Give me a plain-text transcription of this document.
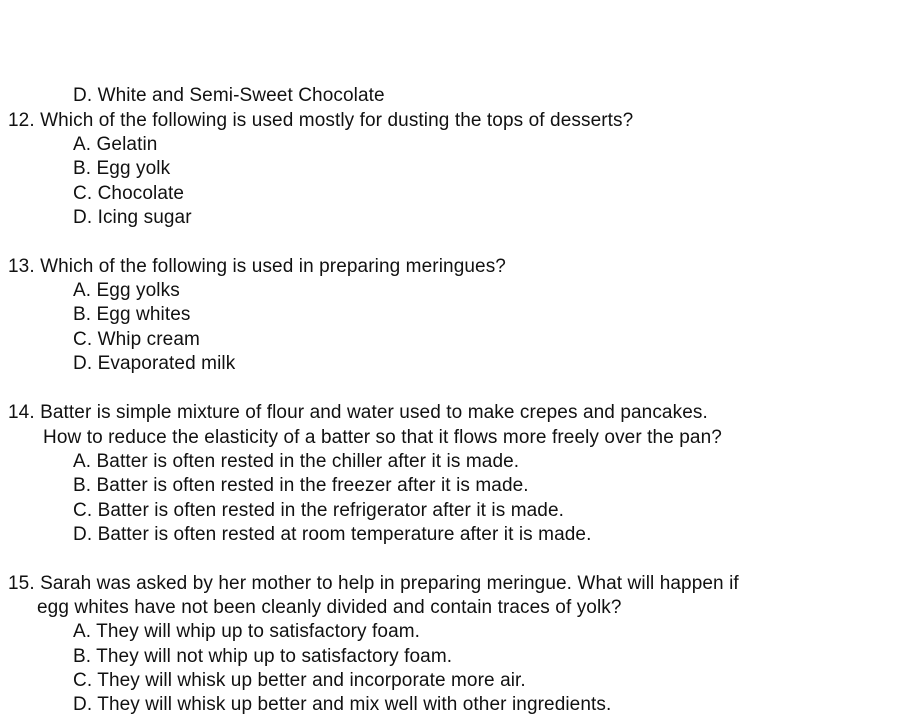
D. White and Semi-Sweet Chocolate
12. Which of the following is used mostly for dusting the tops of desserts?
A. Gelatin
B. Egg yolk
C. Chocolate
D. Icing sugar
13. Which of the following is used in preparing meringues?
A. Egg yolks
B. Egg whites
C. Whip cream
D. Evaporated milk
14. Batter is simple mixture of flour and water used to make crepes and pancakes.
How to reduce the elasticity of a batter so that it flows more freely over the pan?
A. Batter is often rested in the chiller after it is made.
B. Batter is often rested in the freezer after it is made.
C. Batter is often rested in the refrigerator after it is made.
D. Batter is often rested at room temperature after it is made.
15. Sarah was asked by her mother to help in preparing meringue. What will happen if
egg whites have not been cleanly divided and contain traces of yolk?
A. They will whip up to satisfactory foam.
B. They will not whip up to satisfactory foam.
C. They will whisk up better and incorporate more air.
D. They will whisk up better and mix well with other ingredients.
